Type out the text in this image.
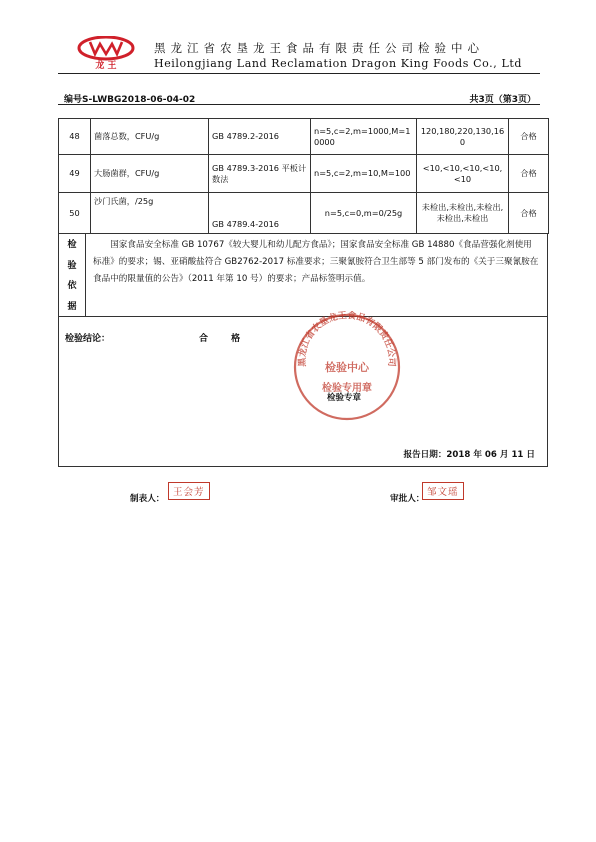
龙 王
黑龙江省农垦龙王食品有限责任公司检验中心
Heilongjiang Land Reclamation Dragon King Foods Co., Ltd
编号S-LWBG2018-06-04-02	共3页（第3页）
48	菌落总数，CFU/g	GB 4789.2-2016	n=5,c=2,m=1000,M=10000	120,180,220,130,160	合格
49	大肠菌群，CFU/g	GB 4789.3-2016 平板计数法	n=5,c=2,m=10,M=100	<10,<10,<10,<10,<10	合格
50	沙门氏菌，/25g	GB 4789.4-2016	n=5,c=0,m=0/25g	未检出,未检出,未检出,未检出,未检出	合格
检
验
依
据
国家食品安全标准 GB 10767《较大婴儿和幼儿配方食品》；国家食品安全标准 GB 14880《食品营强化剂使用标准》的要求；锡、亚硝酸盐符合 GB2762-2017 标准要求；三聚氰胺符合卫生部等 5 部门发布的《关于三聚氰胺在食品中的限量值的公告》（2011 年第 10 号）的要求；产品标签明示值。
检验结论：	合 格
黑龙江省农垦龙王食品有限责任公司
检验中心
检验专用章
检验专章
报告日期：2018 年 06 月 11 日
制表人：
王会芳
审批人：
邹文瑶
